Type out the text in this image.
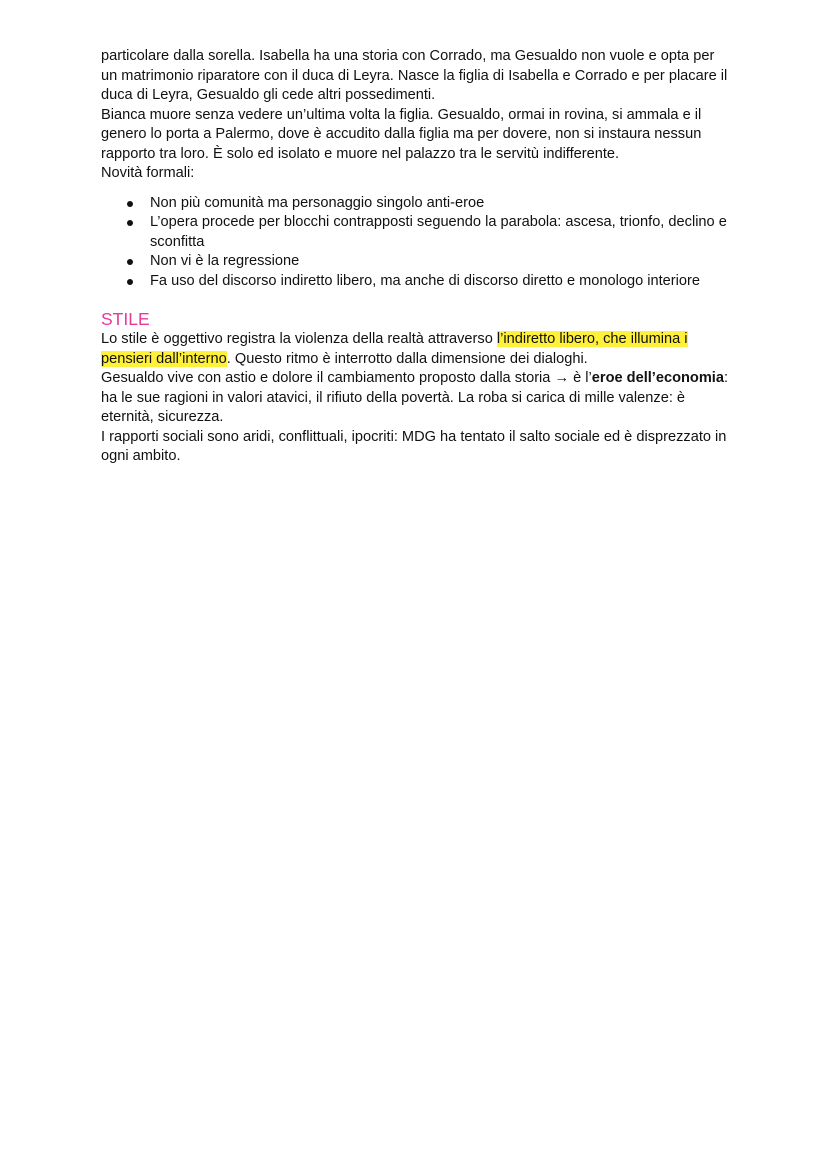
particolare dalla sorella. Isabella ha una storia con Corrado, ma Gesualdo non vuole e opta per un matrimonio riparatore con il duca di Leyra. Nasce la figlia di Isabella e Corrado e per placare il duca di Leyra, Gesualdo gli cede altri possedimenti.

Bianca muore senza vedere un’ultima volta la figlia. Gesualdo, ormai in rovina, si ammala e il genero lo porta a Palermo, dove è accudito dalla figlia ma per dovere, non si instaura nessun rapporto tra loro. È solo ed isolato e muore nel palazzo tra le servitù indifferente.

Novità formali:

Non più comunità ma personaggio singolo anti-eroe
L’opera procede per blocchi contrapposti seguendo la parabola: ascesa, trionfo, declino e sconfitta
Non vi è la regressione
Fa uso del discorso indiretto libero, ma anche di discorso diretto e monologo interiore
STILE

Lo stile è oggettivo registra la violenza della realtà attraverso l’indiretto libero, che illumina i pensieri dall’interno. Questo ritmo è interrotto dalla dimensione dei dialoghi.

Gesualdo vive con astio e dolore il cambiamento proposto dalla storia → è l’eroe dell’economia: ha le sue ragioni in valori atavici, il rifiuto della povertà. La roba si carica di mille valenze: è eternità, sicurezza.

I rapporti sociali sono aridi, conflittuali, ipocriti: MDG ha tentato il salto sociale ed è disprezzato in ogni ambito.
